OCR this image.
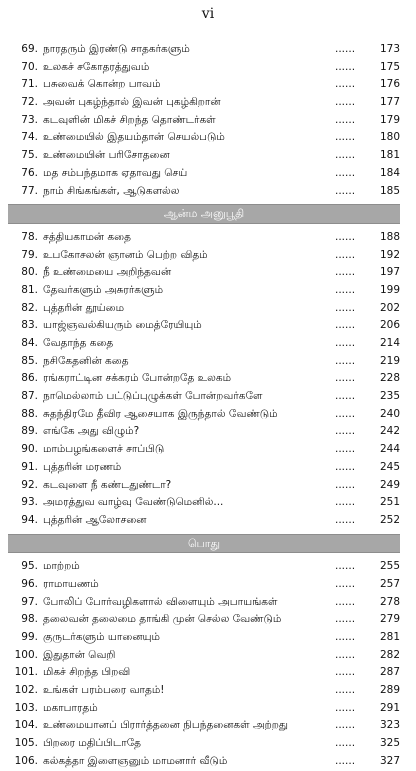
vi
69. நாரதரும் இரண்டு சாதகர்களும்	......	173
70. உலகச் சகோதரத்துவம்	......	175
71. பசுவைக் கொன்ற பாவம்	......	176
72. அவன் புகழ்ந்தால் இவன் புகழ்கிறான்	......	177
73. கடவுளின் மிகச் சிறந்த தொண்டர்கள்	......	179
74. உண்மையில் இதயம்தான் செயல்படும்	......	180
75. உண்மையின் பரிசோதனை	......	181
76. மத சம்பந்தமாக ஏதாவது செய்	......	184
77. நாம் சிங்கங்கள், ஆடுகளல்ல	......	185
ஆன்ம அனுபூதி
78. சத்தியகாமன் கதை	......	188
79. உபகோசலன் ஞானம் பெற்ற விதம்	......	192
80. நீ உண்மையை அறிந்தவன்	......	197
81. தேவர்களும் அசுரர்களும்	......	199
82. புத்தரின் தூய்மை	......	202
83. யாஜ்ஞவல்கியரும் மைத்ரேயியும்	......	206
84. வேதாந்த கதை	......	214
85. நசிகேதனின் கதை	......	219
86. ரங்கராட்டின சக்கரம் போன்றதே உலகம்	......	228
87. நாமெல்லாம் பட்டுப்புழுக்கள் போன்றவர்களே	......	235
88. சுதந்திரமே தீவிர ஆசையாக இருந்தால் வேண்டும்	......	240
89. எங்கே அது விழும்?	......	242
90. மாம்பழங்களைச் சாப்பிடு	......	244
91. புத்தரின் மரணம்	......	245
92. கடவுளை நீ கண்டதுண்டா?	......	249
93. அமரத்துவ வாழ்வு வேண்டுமெனில்...	......	251
94. புத்தரின் ஆலோசனை	......	252
பொது
95. மாற்றம்	......	255
96. ராமாயணம்	......	257
97. போலிப் போர்வழிகளால் விளையும் அபாயங்கள்	......	278
98. தலைவன் தலைமை தாங்கி முன் செல்ல வேண்டும்	......	279
99. குருடர்களும் யானையும்	......	281
100. இதுதான் வெறி	......	282
101. மிகச் சிறந்த பிறவி	......	287
102. உங்கள் பரம்பரை வாதம்!	......	289
103. மகாபாரதம்	......	291
104. உண்மையானப் பிரார்த்தனை நிபந்தனைகள் அற்றது	......	323
105. பிறரை மதிப்பிடாதே	......	325
106. கல்கத்தா இளைஞனும் மாமனார் வீடும்	......	327
